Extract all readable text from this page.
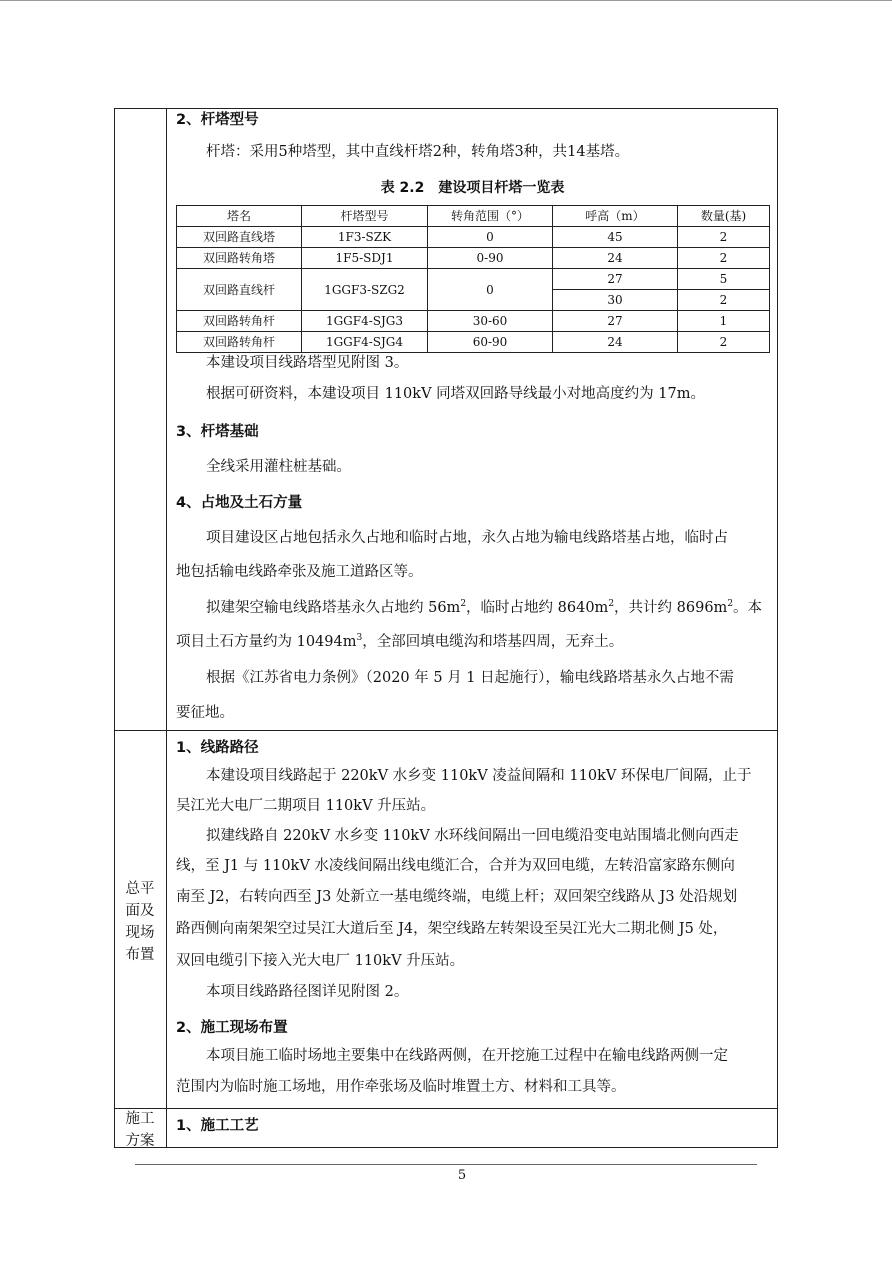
总平
面及
现场
布置
施工
方案
2、杆塔型号
杆塔：采用5种塔型，其中直线杆塔2种，转角塔3种，共14基塔。
表 2.2　建设项目杆塔一览表
塔名	杆塔型号	转角范围（°）	呼高（m）	数量(基)
双回路直线塔	1F3-SZK	0	45	2
双回路转角塔	1F5-SDJ1	0-90	24	2
双回路直线杆	1GGF3-SZG2	0	27	5
			30	2
双回路转角杆	1GGF4-SJG3	30-60	27	1
双回路转角杆	1GGF4-SJG4	60-90	24	2
本建设项目线路塔型见附图 3。
根据可研资料，本建设项目 110kV 同塔双回路导线最小对地高度约为 17m。
3、杆塔基础
全线采用灌柱桩基础。
4、占地及土石方量
项目建设区占地包括永久占地和临时占地，永久占地为输电线路塔基占地，临时占
地包括输电线路牵张及施工道路区等。
拟建架空输电线路塔基永久占地约 $56m^2$，临时占地约 $8640m^2$，共计约 $8696m^2$。本
项目土石方量约为 $10494m^3$，全部回填电缆沟和塔基四周，无弃土。
根据《江苏省电力条例》（2020 年 5 月 1 日起施行），输电线路塔基永久占地不需
要征地。
1、线路路径
本建设项目线路起于 220kV 水乡变 110kV 凌益间隔和 110kV 环保电厂间隔，止于
吴江光大电厂二期项目 110kV 升压站。
拟建线路自 220kV 水乡变 110kV 水环线间隔出一回电缆沿变电站围墙北侧向西走
线，至 J1 与 110kV 水凌线间隔出线电缆汇合，合并为双回电缆，左转沿富家路东侧向
南至 J2，右转向西至 J3 处新立一基电缆终端，电缆上杆；双回架空线路从 J3 处沿规划
路西侧向南架架空过吴江大道后至 J4，架空线路左转架设至吴江光大二期北侧 J5 处，
双回电缆引下接入光大电厂 110kV 升压站。
本项目线路路径图详见附图 2。
2、施工现场布置
本项目施工临时场地主要集中在线路两侧，在开挖施工过程中在输电线路两侧一定
范围内为临时施工场地，用作牵张场及临时堆置土方、材料和工具等。
1、施工工艺
5
